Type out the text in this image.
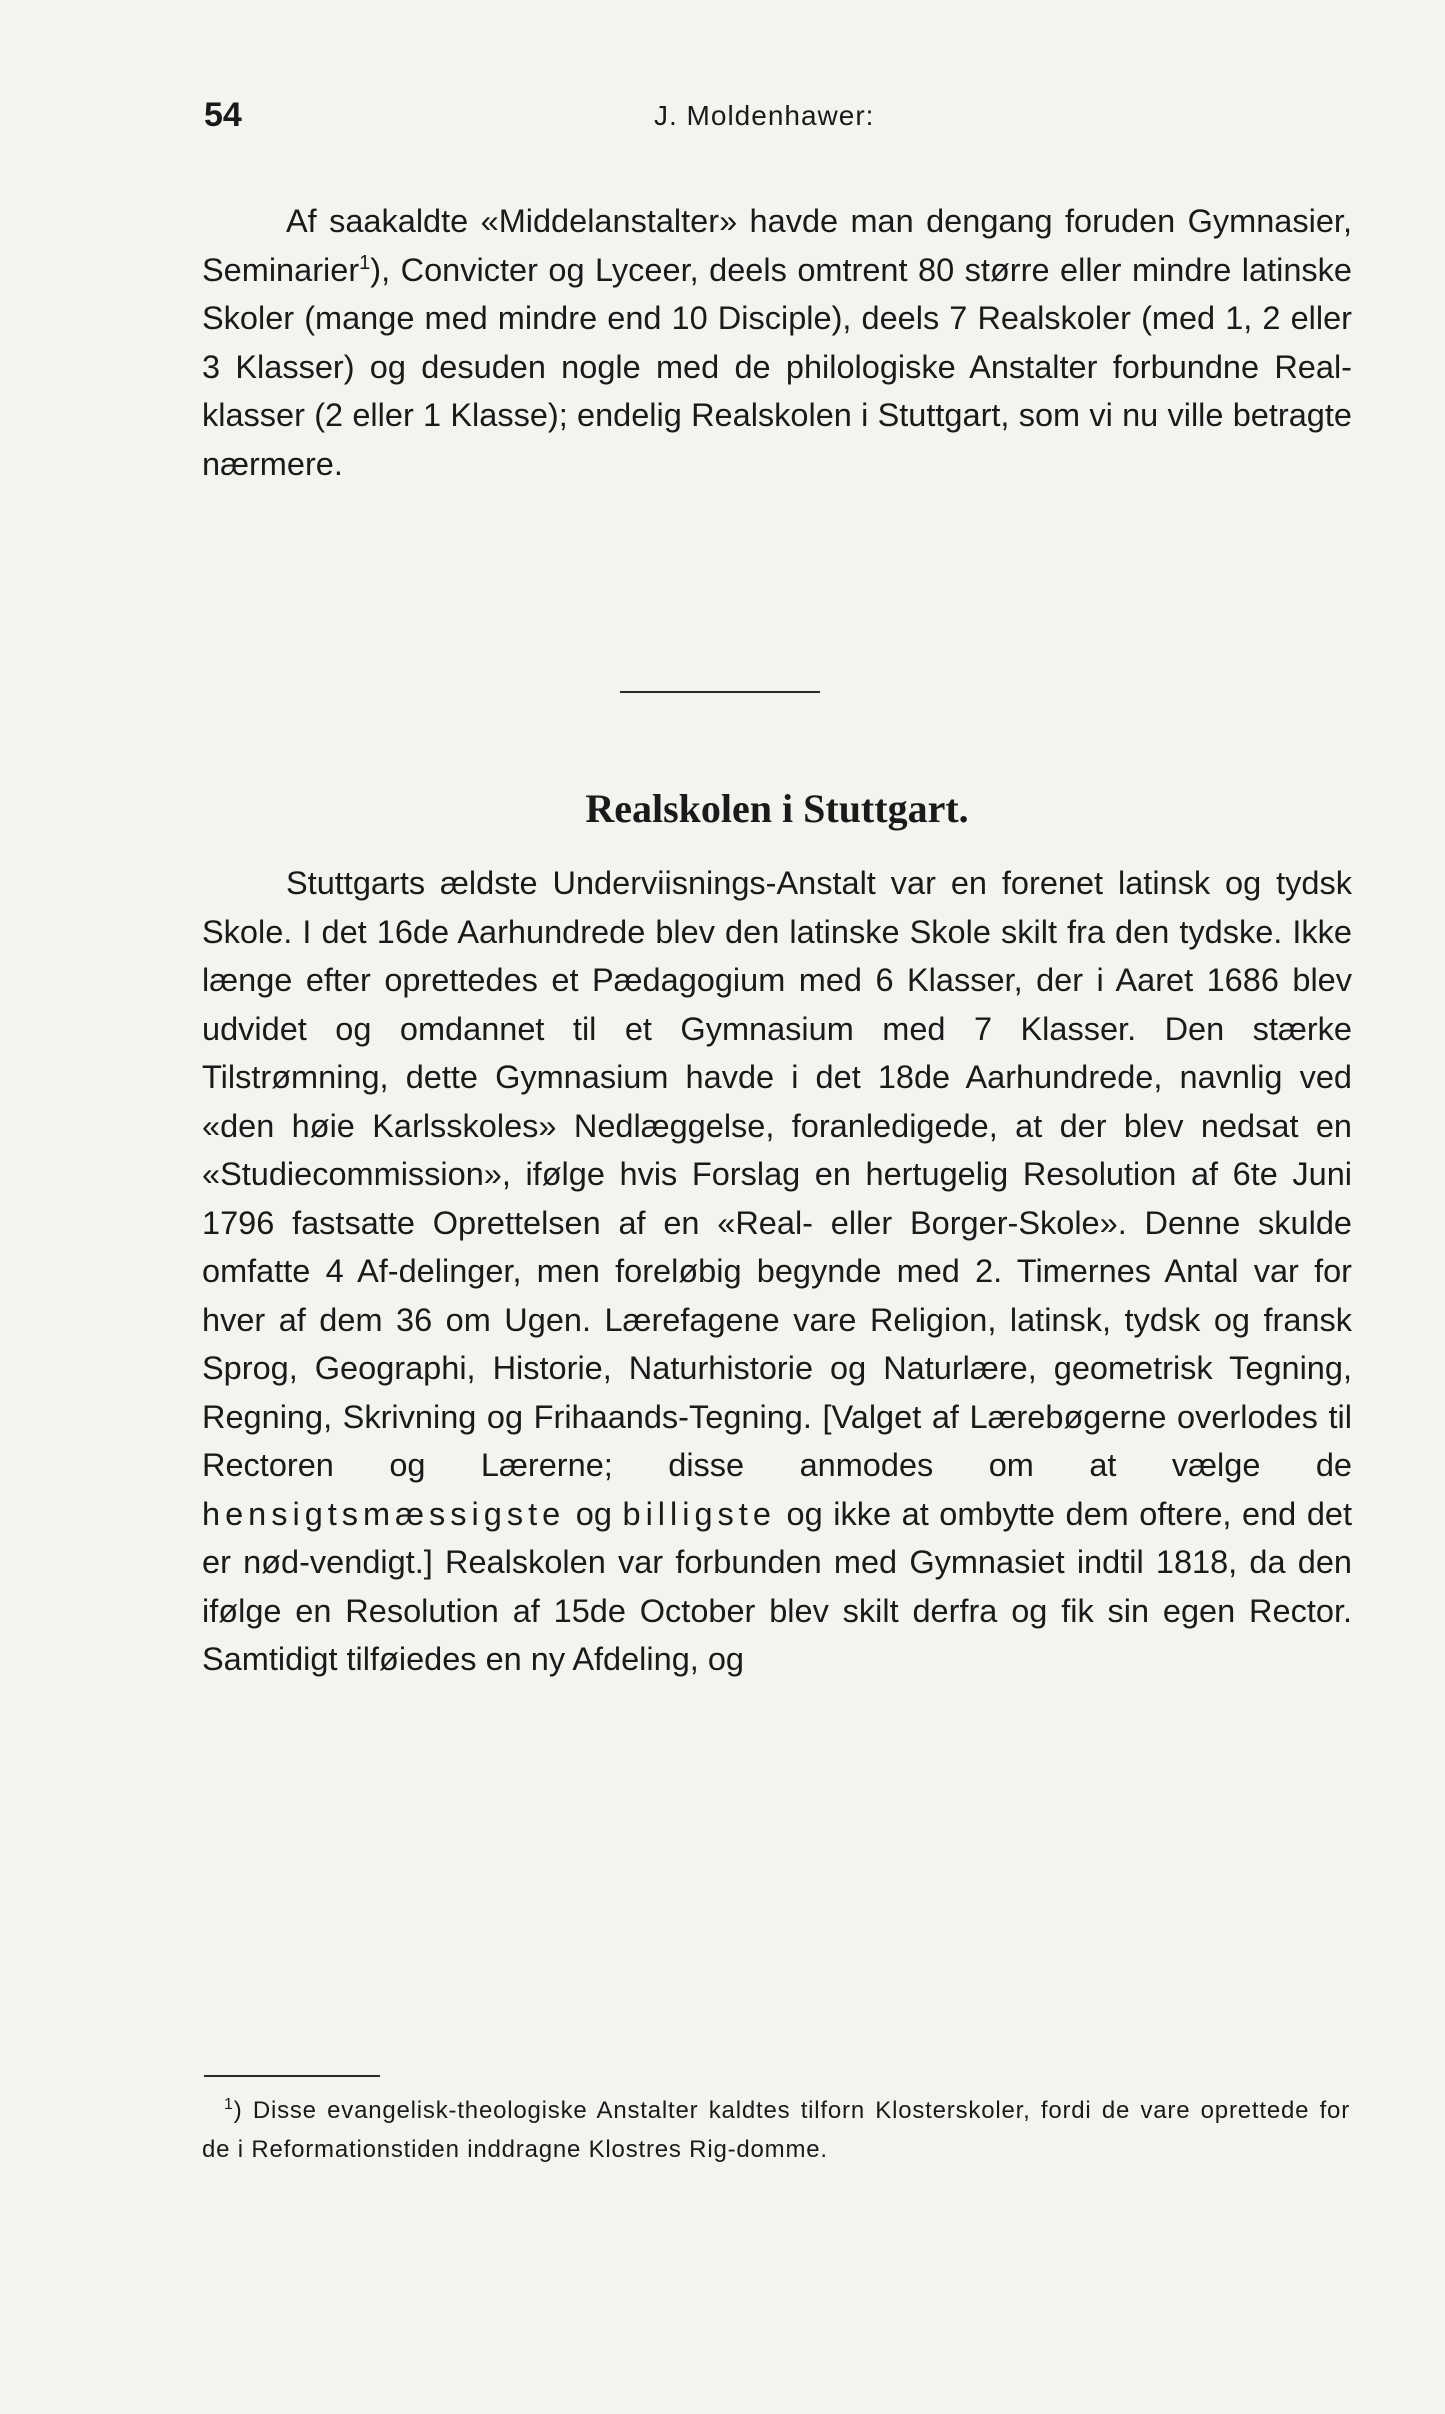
54	J. Moldenhawer:

Af saakaldte «Middelanstalter» havde man dengang foruden Gymnasier, Seminarier$^1$), Convicter og Lyceer, deels omtrent 80 større eller mindre latinske Skoler (mange med mindre end 10 Disciple), deels 7 Realskoler (med 1, 2 eller 3 Klasser) og desuden nogle med de philologiske Anstalter forbundne Real-klasser (2 eller 1 Klasse); endelig Realskolen i Stuttgart, som vi nu ville betragte nærmere.

Realskolen i Stuttgart.

Stuttgarts ældste Underviisnings-Anstalt var en forenet latinsk og tydsk Skole. I det 16de Aarhundrede blev den latinske Skole skilt fra den tydske. Ikke længe efter oprettedes et Pædagogium med 6 Klasser, der i Aaret 1686 blev udvidet og omdannet til et Gymnasium med 7 Klasser. Den stærke Tilstrømning, dette Gymnasium havde i det 18de Aarhundrede, navnlig ved «den høie Karlsskoles» Nedlæggelse, foranledigede, at der blev nedsat en «Studiecommission», ifølge hvis Forslag en hertugelig Resolution af 6te Juni 1796 fastsatte Oprettelsen af en «Real- eller Borger-Skole». Denne skulde omfatte 4 Af-delinger, men foreløbig begynde med 2. Timernes Antal var for hver af dem 36 om Ugen. Lærefagene vare Religion, latinsk, tydsk og fransk Sprog, Geographi, Historie, Naturhistorie og Naturlære, geometrisk Tegning, Regning, Skrivning og Frihaands-Tegning. [Valget af Lærebøgerne overlodes til Rectoren og Lærerne; disse anmodes om at vælge de hensigtsmæssigste og billigste og ikke at ombytte dem oftere, end det er nød-vendigt.] Realskolen var forbunden med Gymnasiet indtil 1818, da den ifølge en Resolution af 15de October blev skilt derfra og fik sin egen Rector. Samtidigt tilføiedes en ny Afdeling, og

$^1$) Disse evangelisk-theologiske Anstalter kaldtes tilforn Klosterskoler, fordi de vare oprettede for de i Reformationstiden inddragne Klostres Rig-domme.
